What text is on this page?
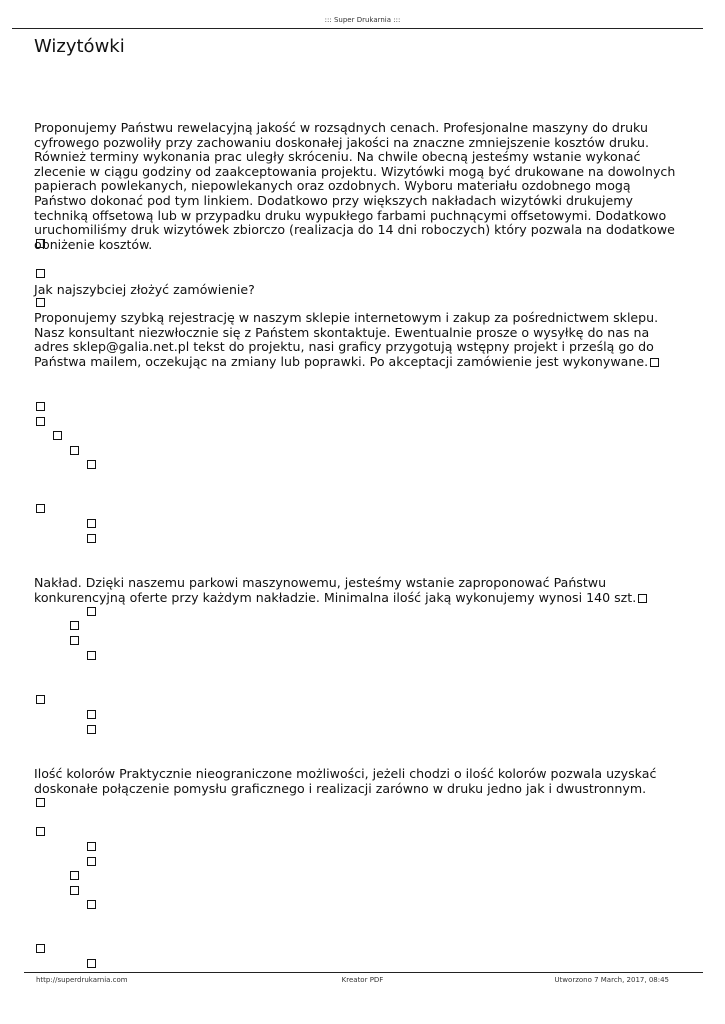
::: Super Drukarnia :::
Wizytówki
Proponujemy Państwu rewelacyjną jakość w rozsądnych cenach. Profesjonalne maszyny do druku cyfrowego pozwoliły przy zachowaniu doskonałej jakości na znaczne zmniejszenie kosztów druku. Również terminy wykonania prac uległy skróceniu. Na chwile obecną jesteśmy wstanie wykonać zlecenie w ciągu godziny od zaakceptowania projektu. Wizytówki mogą być drukowane na dowolnych papierach powlekanych, niepowlekanych oraz ozdobnych. Wyboru materiału ozdobnego mogą Państwo dokonać pod tym linkiem. Dodatkowo przy większych nakładach wizytówki drukujemy techniką offsetową lub w przypadku druku wypukłego farbami puchnącymi offsetowymi. Dodatkowo uruchomiliśmy druk wizytówek zbiorczo (realizacja do 14 dni roboczych) który pozwala na dodatkowe obniżenie kosztów.
Jak najszybciej złożyć zamówienie?
Proponujemy szybką rejestrację w naszym sklepie internetowym i zakup za pośrednictwem sklepu. Nasz konsultant niezwłocznie się z Państem skontaktuje. Ewentualnie prosze o wysyłkę do nas na adres sklep@galia.net.pl tekst do projektu, nasi graficy przygotują wstępny projekt i prześlą go do Państwa mailem, oczekując na zmiany lub poprawki. Po akceptacji zamówienie jest wykonywane.
Nakład. Dzięki naszemu parkowi maszynowemu, jesteśmy wstanie zaproponować Państwu konkurencyjną oferte przy każdym nakładzie. Minimalna ilość jaką wykonujemy wynosi 140 szt.
Ilość kolorów Praktycznie nieograniczone możliwości, jeżeli chodzi o ilość kolorów pozwala uzyskać doskonałe połączenie pomysłu graficznego i realizacji zarówno w druku jedno jak i dwustronnym.
http://superdrukarnia.com	Kreator PDF	Utworzono 7 March, 2017, 08:45
